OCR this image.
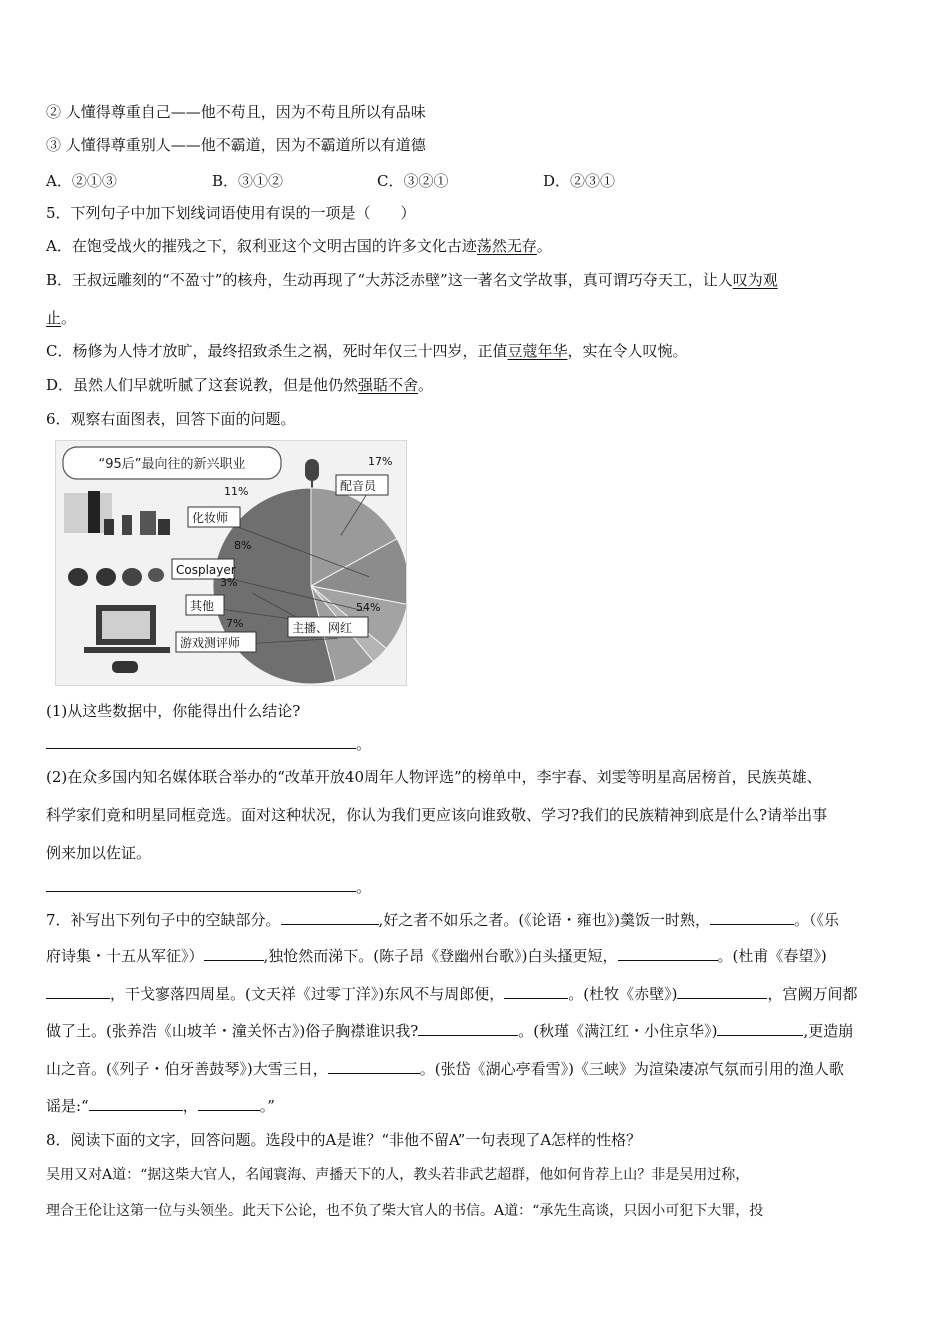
② 人懂得尊重自己——他不苟且，因为不苟且所以有品味
③ 人懂得尊重别人——他不霸道，因为不霸道所以有道德
A．②①③	B．③①②	C．③②①	D．②③①
5．下列句子中加下划线词语使用有误的一项是（　　）
A．在饱受战火的摧残之下，叙利亚这个文明古国的许多文化古迹荡然无存。
B．王叔远雕刻的“不盈寸”的核舟，生动再现了“大苏泛赤壁”这一著名文学故事，真可谓巧夺天工，让人叹为观
止。
C．杨修为人恃才放旷，最终招致杀生之祸，死时年仅三十四岁，正值豆蔻年华，实在令人叹惋。
D．虽然人们早就听腻了这套说教，但是他仍然强聒不舍。
6．观察右面图表，回答下面的问题。
“95后”最向往的新兴职业
配音员
17%
化妆师
11%
Cosplayer
8%
其他
3%
游戏测评师
7%	主播、网红
54%
(1)从这些数据中，你能得出什么结论?
。
(2)在众多国内知名媒体联合举办的“改革开放40周年人物评选”的榜单中，李宇春、刘雯等明星高居榜首，民族英雄、
科学家们竟和明星同框竞选。面对这种状况，你认为我们更应该向谁致敬、学习?我们的民族精神到底是什么?请举出事
例来加以佐证。
。
7．补写出下列句子中的空缺部分。	,好之者不如乐之者。(《论语・雍也》)羹饭一时熟，	。（《乐
府诗集・十五从军征》）	,独怆然而涕下。(陈子昂《登幽州台歌》)白头搔更短，	。(杜甫《春望》)
，干戈寥落四周星。(文天祥《过零丁洋》)东风不与周郎便，	。(杜牧《赤壁》)	，宫阙万间都
做了土。(张养浩《山坡羊・潼关怀古》)俗子胸襟谁识我?	。(秋瑾《满江红・小住京华》)	,更造崩
山之音。(《列子・伯牙善鼓琴》)大雪三日，	。(张岱《湖心亭看雪》)《三峡》为渲染凄凉气氛而引用的渔人歌
谣是:“	，	。”
8．阅读下面的文字，回答问题。选段中的A是谁？“非他不留A”一句表现了A怎样的性格？
吴用又对A道：“据这柴大官人，名闻寰海、声播天下的人，教头若非武艺超群，他如何肯荐上山？非是吴用过称，
理合王伦让这第一位与头领坐。此天下公论，也不负了柴大官人的书信。A道：“承先生高谈，只因小可犯下大罪，投
